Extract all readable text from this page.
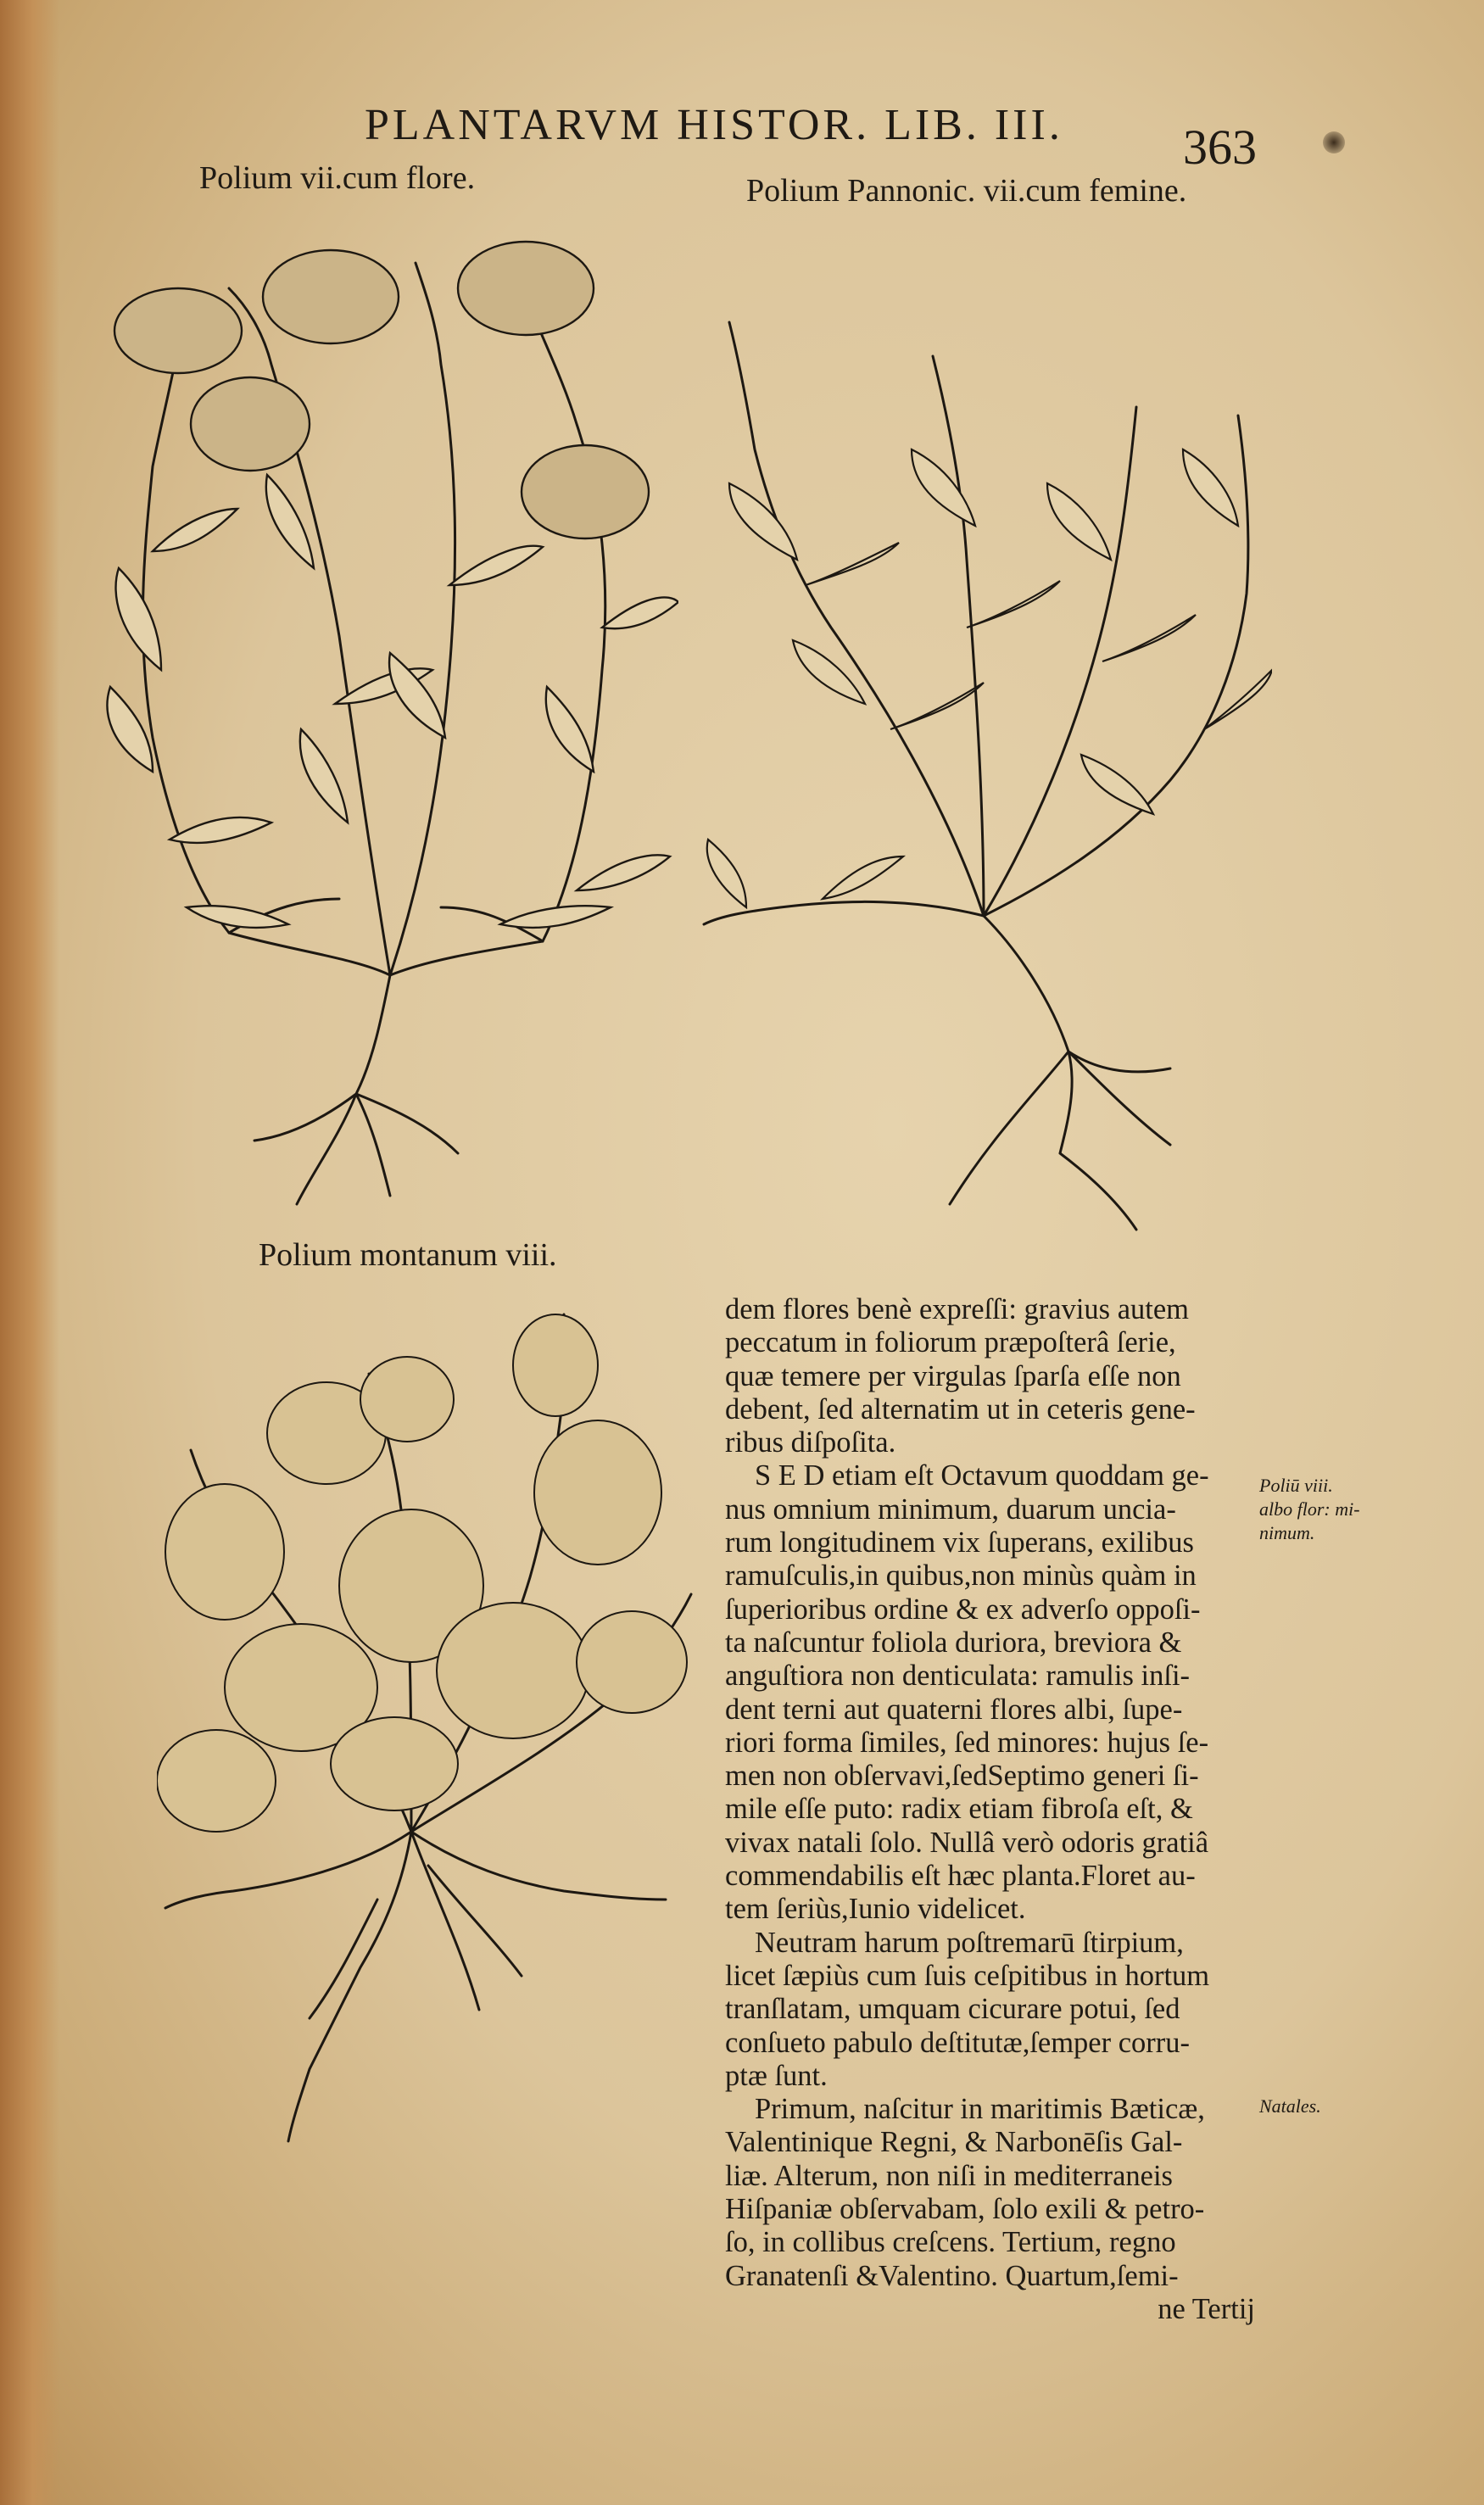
PLANTARVM HISTOR. LIB. III. 363
Polium vii.cum flore.	Polium Pannonic. vii.cum femine.
Polium montanum viii.
dem flores benè expreſſi: gravius autem
peccatum in foliorum præpoſterâ ſerie,
quæ temere per virgulas ſparſa eſſe non
debent, ſed alternatim ut in ceteris gene-
ribus diſpoſita.
S E D etiam eſt Octavum quoddam ge-
nus omnium minimum, duarum uncia-
rum longitudinem vix ſuperans, exilibus
ramuſculis,in quibus,non minùs quàm in
ſuperioribus ordine & ex adverſo oppoſi-
ta naſcuntur foliola duriora, breviora &
anguſtiora non denticulata: ramulis inſi-
dent terni aut quaterni flores albi, ſupe-
riori forma ſimiles, ſed minores: hujus ſe-
men non obſervavi,ſedSeptimo generi ſi-
mile eſſe puto: radix etiam fibroſa eſt, &
vivax natali ſolo. Nullâ verò odoris gratiâ
commendabilis eſt hæc planta.Floret au-
tem ſeriùs,Iunio videlicet.
Neutram harum poſtremarū ſtirpium,
licet ſæpiùs cum ſuis ceſpitibus in hortum
tranſlatam, umquam cicurare potui, ſed
conſueto pabulo deſtitutæ,ſemper corru-
ptæ ſunt.
Primum, naſcitur in maritimis Bæticæ,
Valentinique Regni, & Narbonēſis Gal-
liæ. Alterum, non niſi in mediterraneis
Hiſpaniæ obſervabam, ſolo exili & petro-
ſo, in collibus creſcens. Tertium, regno
Granatenſi &Valentino. Quartum,ſemi-
ne Tertij
Poliū viii.
albo flor: mi-
nimum.
Natales.
